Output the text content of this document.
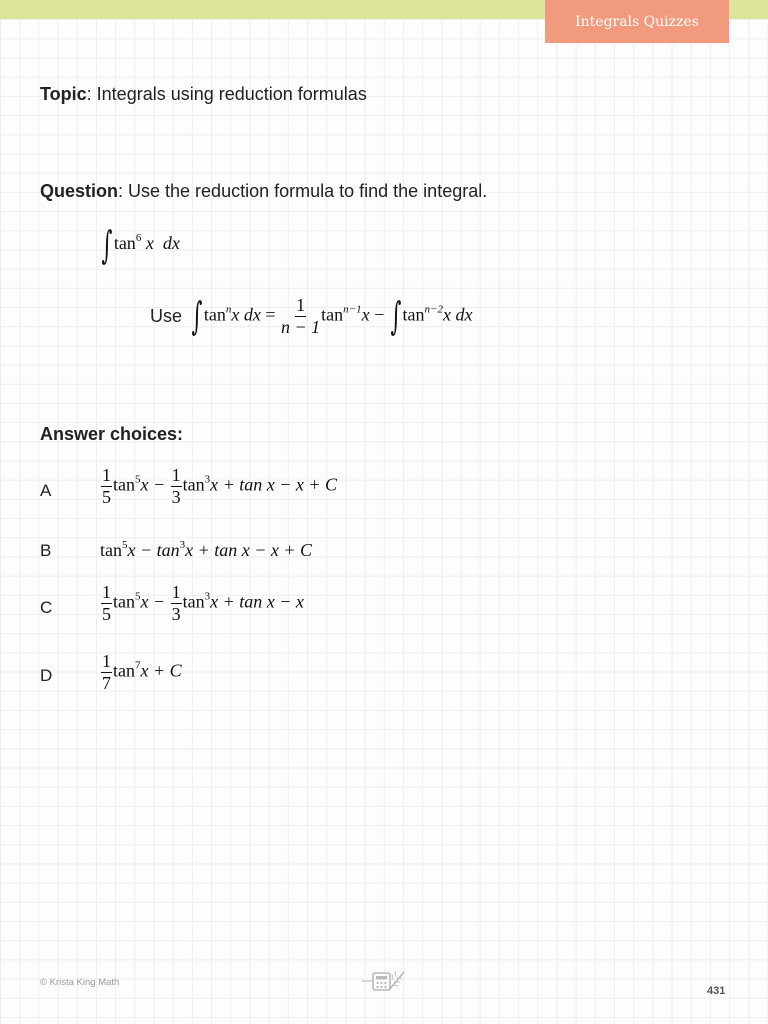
Integrals Quizzes
Topic: Integrals using reduction formulas
Question: Use the reduction formula to find the integral.
$\int\tan^6$ x dx
Use $\int\tan^nx$ dx = $\frac{1}{n - 1} \tan^{n-1}x - \int\tan^{n-2}x$ dx
Answer choices:
A	$\frac{1}{5} \tan^5x - \frac{1}{3} \tan^3x + \tan x - x + C$
B	$\tan^5x - \tan^3x + \tan x - x + C$
C	$\frac{1}{5} \tan^5x - \frac{1}{3} \tan^3x + \tan x - x$
D	$\frac{1}{7} \tan^7x + C$
© Krista King Math
431
